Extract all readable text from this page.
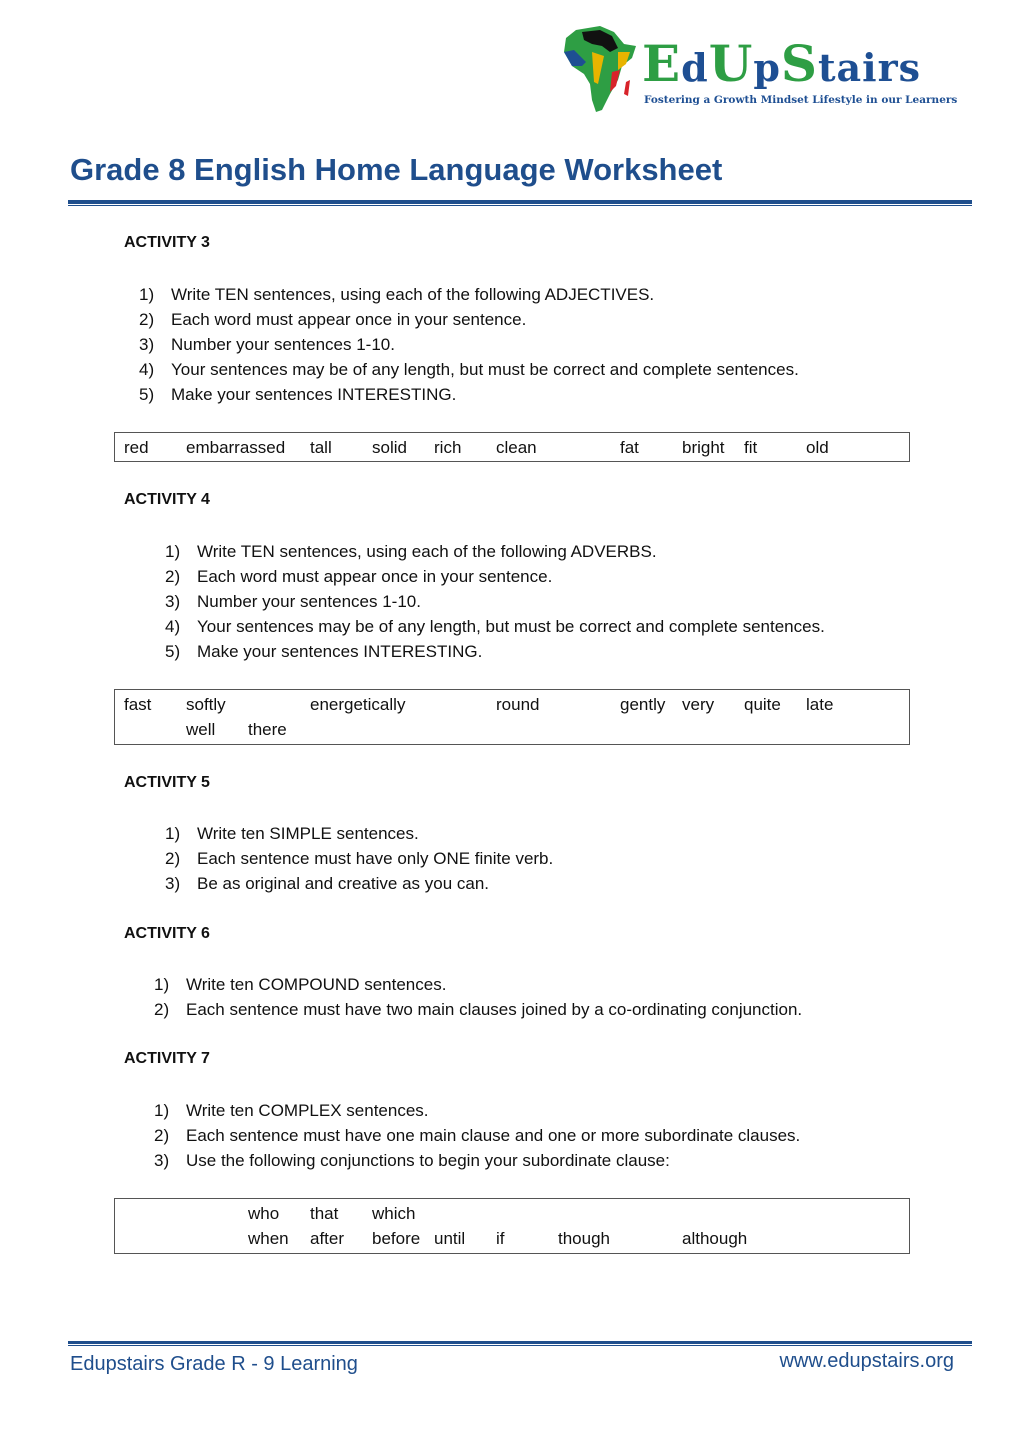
EdUpStairs
Fostering a Growth Mindset Lifestyle in our Learners
Grade 8 English Home Language Worksheet
ACTIVITY 3
1) Write TEN sentences, using each of the following ADJECTIVES.
2) Each word must appear once in your sentence.
3) Number your sentences 1-10.
4) Your sentences may be of any length, but must be correct and complete sentences.
5) Make your sentences INTERESTING.
red embarrassed tall solid rich clean	fat	bright fit	old
ACTIVITY 4
1) Write TEN sentences, using each of the following ADVERBS.
2) Each word must appear once in your sentence.
3) Number your sentences 1-10.
4) Your sentences may be of any length, but must be correct and complete sentences.
5) Make your sentences INTERESTING.
fast softly	energetically	round	gently very quite late
well there
ACTIVITY 5
1) Write ten SIMPLE sentences.
2) Each sentence must have only ONE finite verb.
3) Be as original and creative as you can.
ACTIVITY 6
1) Write ten COMPOUND sentences.
2) Each sentence must have two main clauses joined by a co-ordinating conjunction.
ACTIVITY 7
1) Write ten COMPLEX sentences.
2) Each sentence must have one main clause and one or more subordinate clauses.
3) Use the following conjunctions to begin your subordinate clause:
who that which
when after before until if	though	although
Edupstairs Grade R - 9 Learning	www.edupstairs.org
